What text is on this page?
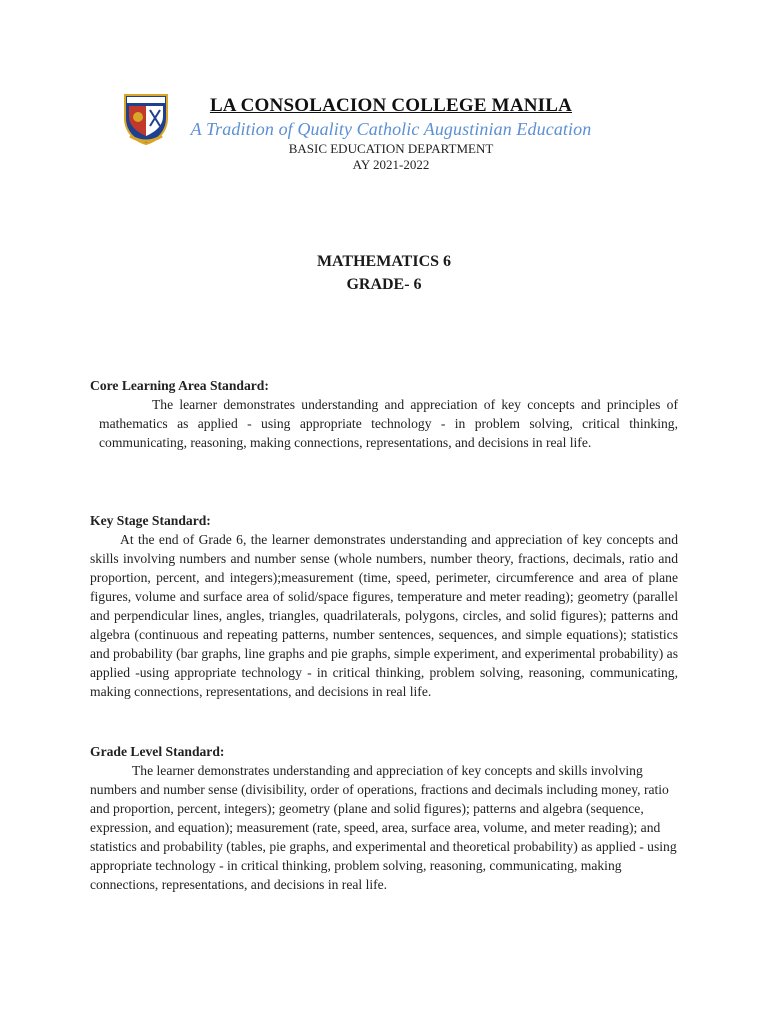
LA CONSOLACION COLLEGE MANILA
A Tradition of Quality Catholic Augustinian Education
BASIC EDUCATION DEPARTMENT
AY 2021-2022
MATHEMATICS 6
GRADE- 6
Core Learning Area Standard:

The learner demonstrates understanding and appreciation of key concepts and principles of mathematics as applied - using appropriate technology - in problem solving, critical thinking, communicating, reasoning, making connections, representations, and decisions in real life.

Key Stage Standard:

At the end of Grade 6, the learner demonstrates understanding and appreciation of key concepts and skills involving numbers and number sense (whole numbers, number theory, fractions, decimals, ratio and proportion, percent, and integers);measurement (time, speed, perimeter, circumference and area of plane figures, volume and surface area of solid/space figures, temperature and meter reading); geometry (parallel and perpendicular lines, angles, triangles, quadrilaterals, polygons, circles, and solid figures); patterns and algebra (continuous and repeating patterns, number sentences, sequences, and simple equations); statistics and probability (bar graphs, line graphs and pie graphs, simple experiment, and experimental probability) as applied -using appropriate technology - in critical thinking, problem solving, reasoning, communicating, making connections, representations, and decisions in real life.

Grade Level Standard:

The learner demonstrates understanding and appreciation of key concepts and skills involving numbers and number sense (divisibility, order of operations, fractions and decimals including money, ratio and proportion, percent, integers); geometry (plane and solid figures); patterns and algebra (sequence, expression, and equation); measurement (rate, speed, area, surface area, volume, and meter reading); and statistics and probability (tables, pie graphs, and experimental and theoretical probability) as applied - using appropriate technology - in critical thinking, problem solving, reasoning, communicating, making connections, representations, and decisions in real life.
